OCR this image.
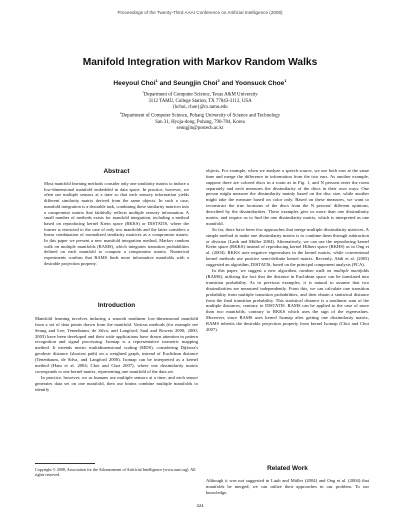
Proceedings of the Twenty-Third AAAI Conference on Artificial Intelligence (2008)
Manifold Integration with Markov Random Walks
Heeyoul Choi$^1$ and Seungjin Choi$^2$ and Yoonsuck Choe$^1$
$^1$Department of Computer Science, Texas A&M University
3112 TAMU, College Station, TX 77843-3112, USA
{hchoi, choe}@cs.tamu.edu
$^2$Department of Computer Science, Pohang University of Science and Technology
San 31, Hyoja-dong, Pohang, 790-784, Korea
seungjin@postech.ac.kr
Abstract

Most manifold learning methods consider only one similarity matrix to induce a low-dimensional manifold embedded in data space. In practice, however, we often use multiple sensors at a time so that each sensory information yields different similarity matrix derived from the same objects. In such a case, manifold integration is a desirable task, combining these similarity matrices into a compromise matrix that faithfully reflects multiple sensory information. A small number of methods exists for manifold integration, including a method based on reproducing kernel Krein space (RKKS) or DISTATIS, where the former is restricted to the case of only two manifolds and the latter considers a linear combination of normalized similarity matrices as a compromise matrix. In this paper we present a new manifold integration method, Markov random walk on multiple manifolds (RAMS), which integrates transition probabilities defined on each manifold to compute a compromise matrix. Numerical experiments confirm that RAMS finds more informative manifolds with a desirable projection property.

Introduction

Manifold learning involves inducing a smooth nonlinear low-dimensional manifold from a set of data points drawn from the manifold. Various methods (for example see Seung and Lee; Tenenbaum, de Silva, and Langford; Saul and Roweis 2000; 2000; 2003) have been developed and their wide applications have drawn attention in pattern recognition and signal processing. Isomap is a representative isometric mapping method. It extends metric multidimensional scaling (MDS), considering Dijkstra's geodesic distance (shortest path) on a weighted graph, instead of Euclidean distance (Tenenbaum, de Silva, and Langford 2000). Isomap can be interpreted as a kernel method (Ham et al. 2004; Choi and Choi 2007), where one dissimilarity matrix corresponds to one kernel matrix, representing one manifold of the data set.

In practice, however, we as humans use multiple sensors at a time, and each sensor generates data set on one manifold, then our brains combine multiple manifolds to identify

Copyright © 2008, Association for the Advancement of Artificial Intelligence (www.aaai.org). All rights reserved.

objects. For example, when we analyze a speech source, we use both ears at the same time and merge the difference in information from the two ears. As another example, suppose there are colored discs in a room as in Fig. 1, and N persons enter the room separately and each measures the dissimilarity of the discs in their own ways. One person might measure the dissimilarity mainly based on the disc size, while another might take the measure based on color only. Based on these measures, we want to reconstruct the true locations of the discs from the N persons' different opinions, described by the dissimilarities. These examples give us more than one dissimilarity matrix, and require us to find the one dissimilarity matrix, which is interpreted as one manifold.

So far, there have been few approaches that merge multiple dissimilarity matrices. A simple method to make one dissimilarity matrix is to combine them through subtraction or division (Laub and Müller 2004). Alternatively, we can use the reproducing kernel Krein space (RKKS) instead of reproducing kernel Hilbert space (RKHS) as in Ong et al. (2004). RKKS uses negative eigenvalues in the kernel matrix, while conventional kernel methods use positive semi-definite kernel matrix. Recently, Abdi et al. (2005) suggested an algorithm, DISTATIS, based on the principal component analysis (PCA).

In this paper, we suggest a new algorithm, random walk on multiple manifolds (RAMS), utilizing the fact that the distance in Euclidean space can be translated into transition probability. As in previous examples, it is natural to assume that two dissimilarities are measured independently. From this, we can calculate one transition probability from multiple transition probabilities, and then obtain a statistical distance from the final transition probability. This statistical distance is a nonlinear sum of the multiple distances, contrary to DISTATIS. RAMS can be applied to the case of more than two manifolds, contrary to RKKS which uses the sign of the eigenvalues. Moreover, since RAMS uses kernel Isomap after getting one dissimilarity matrix, RAMS inherits the desirable projection property from kernel Isomap (Choi and Choi 2007).

Related Work

Although it was not suggested in Laub and Müller (2004) and Ong et al. (2004) that manifolds be merged, we can utilize their approaches in our problem. To our knowledge,

424
